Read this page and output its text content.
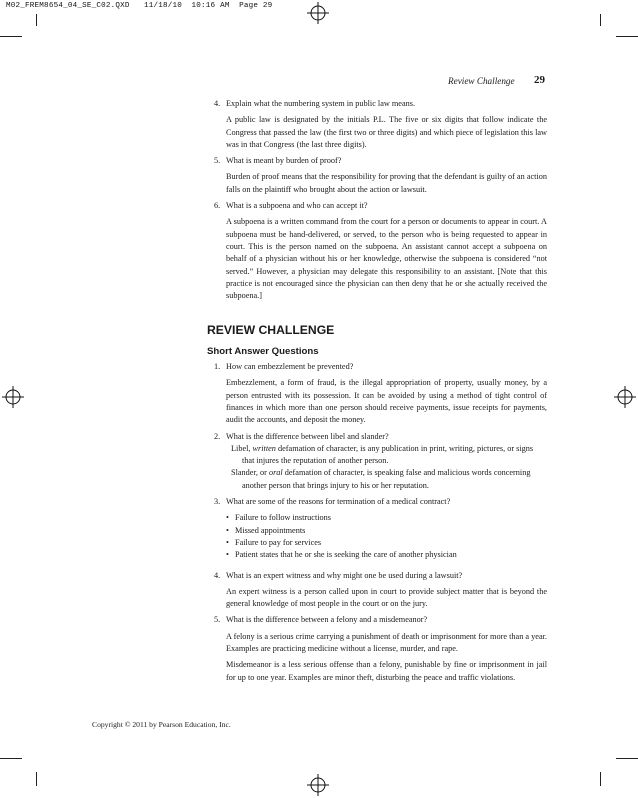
M02_FREM8654_04_SE_C02.QXD   11/18/10  10:16 AM  Page 29
Review Challenge 29

4. Explain what the numbering system in public law means.

A public law is designated by the initials P.L. The five or six digits that follow indicate the Congress that passed the law (the first two or three digits) and which piece of legislation this law was in that Congress (the last three digits).

5. What is meant by burden of proof?

Burden of proof means that the responsibility for proving that the defendant is guilty of an action falls on the plaintiff who brought about the action or lawsuit.

6. What is a subpoena and who can accept it?

A subpoena is a written command from the court for a person or documents to appear in court. A subpoena must be hand-delivered, or served, to the person who is being requested to appear in court. This is the person named on the subpoena. An assistant cannot accept a subpoena on behalf of a physician without his or her knowledge, otherwise the subpoena is considered “not served.” However, a physician may delegate this responsibility to an assistant. [Note that this practice is not encouraged since the physician can then deny that he or she actually received the subpoena.]

REVIEW CHALLENGE

Short Answer Questions

1. How can embezzlement be prevented?

Embezzlement, a form of fraud, is the illegal appropriation of property, usually money, by a person entrusted with its possession. It can be avoided by using a method of tight control of finances in which more than one person should receive payments, issue receipts for payments, audit the accounts, and deposit the money.

2. What is the difference between libel and slander?

Libel, written defamation of character, is any publication in print, writing, pictures, or signs that injures the reputation of another person.

Slander, or oral defamation of character, is speaking false and malicious words concerning another person that brings injury to his or her reputation.

3. What are some of the reasons for termination of a medical contract?

• Failure to follow instructions

• Missed appointments

• Failure to pay for services

• Patient states that he or she is seeking the care of another physician

4. What is an expert witness and why might one be used during a lawsuit?

An expert witness is a person called upon in court to provide subject matter that is beyond the general knowledge of most people in the court or on the jury.

5. What is the difference between a felony and a misdemeanor?

A felony is a serious crime carrying a punishment of death or imprisonment for more than a year. Examples are practicing medicine without a license, murder, and rape.

Misdemeanor is a less serious offense than a felony, punishable by fine or imprisonment in jail for up to one year. Examples are minor theft, disturbing the peace and traffic violations.

Copyright © 2011 by Pearson Education, Inc.
